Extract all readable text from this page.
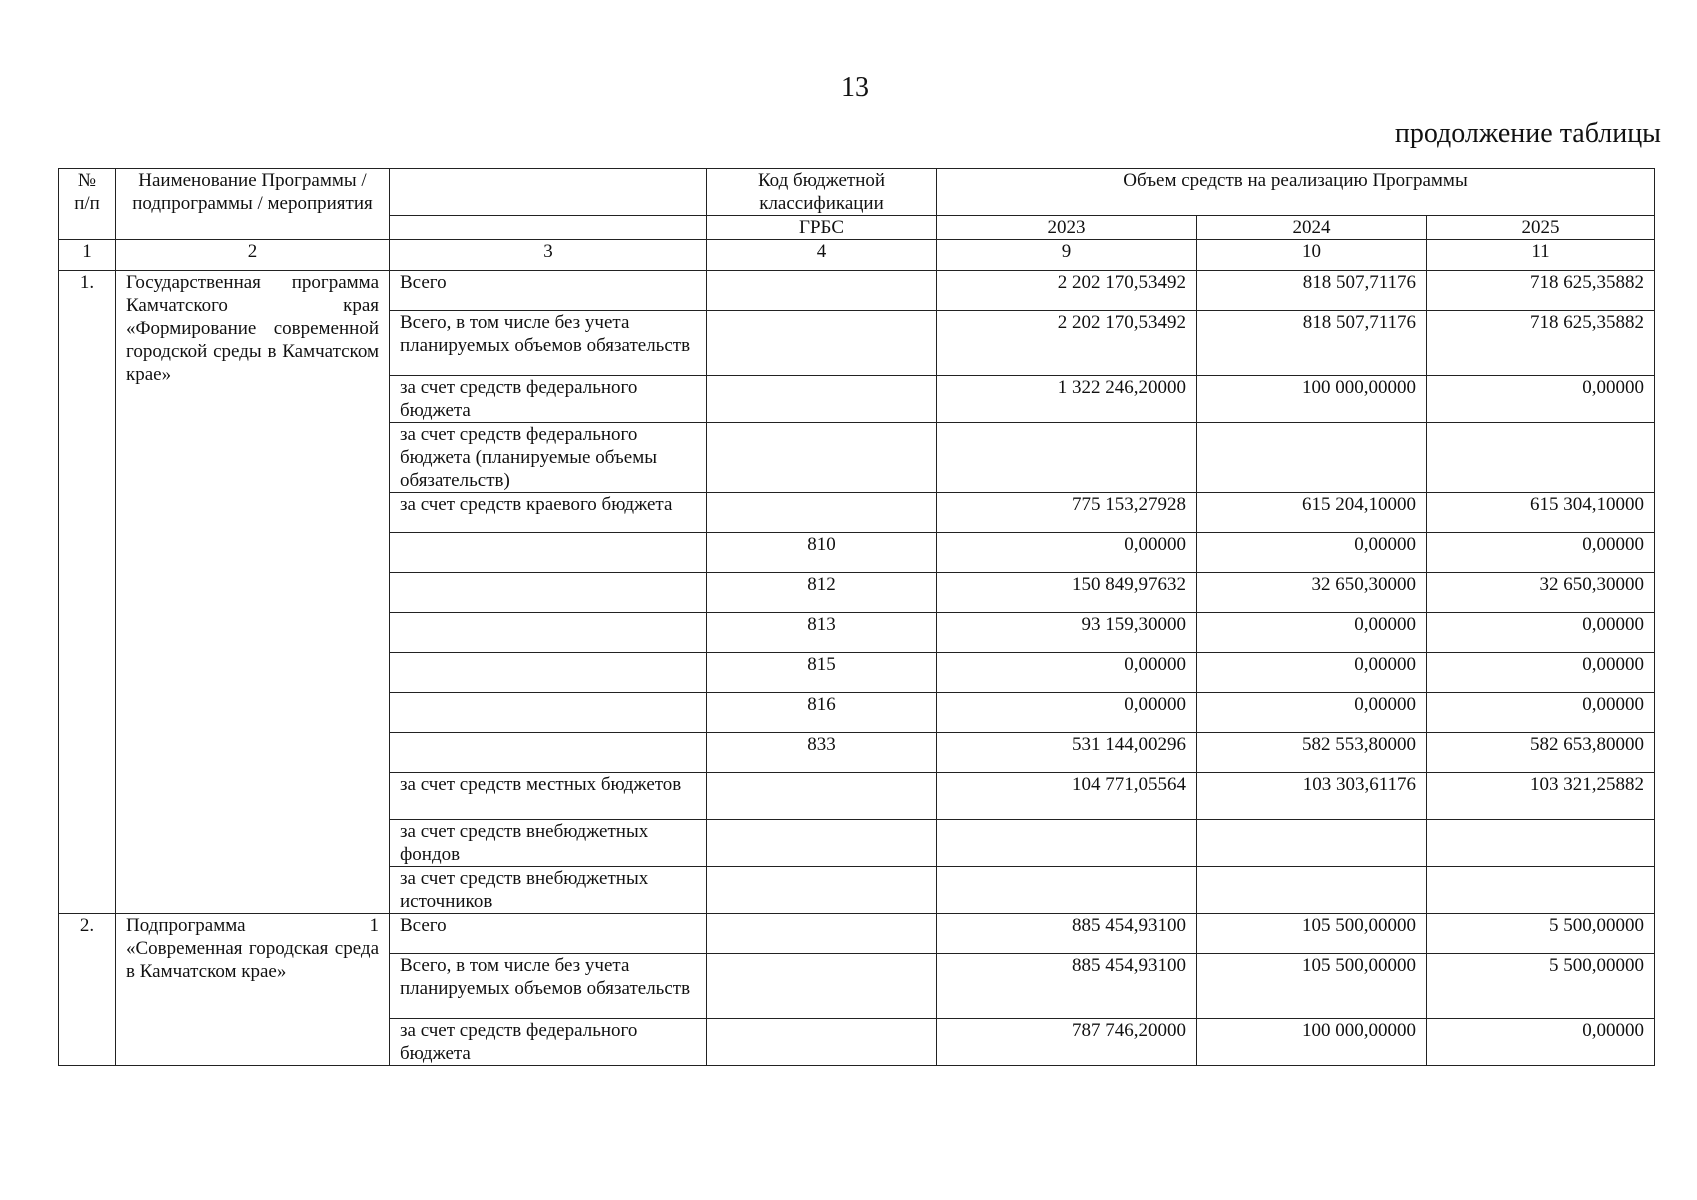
13
продолжение таблицы
№ п/п	Наименование Программы / подпрограммы / мероприятия		Код бюджетной классификации	Объем средств на реализацию Программы		
			ГРБС	2023	2024	2025
1	2	3	4	9	10	11
1.	Государственная программа Камчатского края «Формирование современной городской среды в Камчатском крае»	Всего		2 202 170,53492	818 507,71176	718 625,35882
		Всего, в том числе без учета планируемых объемов обязательств		2 202 170,53492	818 507,71176	718 625,35882
		за счет средств федерального бюджета		1 322 246,20000	100 000,00000	0,00000
		за счет средств федерального бюджета (планируемые объемы обязательств)				
		за счет средств краевого бюджета		775 153,27928	615 204,10000	615 304,10000
			810	0,00000	0,00000	0,00000
			812	150 849,97632	32 650,30000	32 650,30000
			813	93 159,30000	0,00000	0,00000
			815	0,00000	0,00000	0,00000
			816	0,00000	0,00000	0,00000
			833	531 144,00296	582 553,80000	582 653,80000
		за счет средств местных бюджетов		104 771,05564	103 303,61176	103 321,25882
		за счет средств внебюджетных фондов				
		за счет средств внебюджетных источников				
2.	Подпрограмма 1 «Современная городская среда в Камчатском крае»	Всего		885 454,93100	105 500,00000	5 500,00000
		Всего, в том числе без учета планируемых объемов обязательств		885 454,93100	105 500,00000	5 500,00000
		за счет средств федерального бюджета		787 746,20000	100 000,00000	0,00000
